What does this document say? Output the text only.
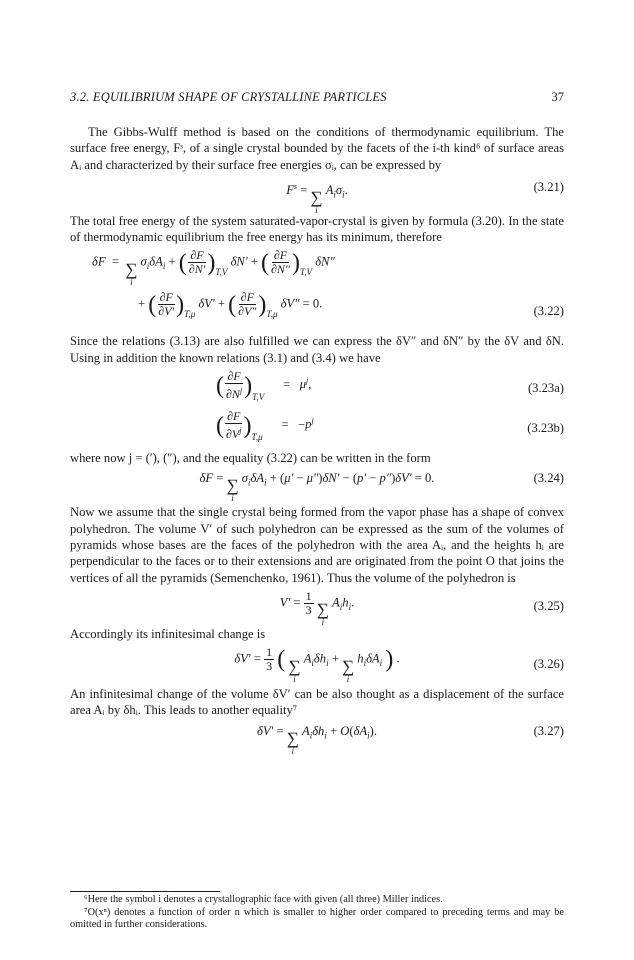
3.2. EQUILIBRIUM SHAPE OF CRYSTALLINE PARTICLES	37

The Gibbs-Wulff method is based on the conditions of thermodynamic equilibrium. The surface free energy, Fˢ, of a single crystal bounded by the facets of the i-th kind⁶ of surface areas Aᵢ and characterized by their surface free energies σᵢ, can be expressed by

$F^s$ = ∑
i
$A_i\sigma_i$.	(3.21)

The total free energy of the system saturated-vapor-crystal is given by formula (3.20). In the state of thermodynamic equilibrium the free energy has its minimum, therefore

δF  = ∑
i
$\sigma_i\delta A_i$ + ( $\frac{\partial F}{\partial N'}$ ) T,V
δN′ + ( $\frac{\partial F}{\partial N''}$ ) T,V
δN″
+ ( $\frac{\partial F}{\partial V'}$ ) T,μ
δV′ + ( $\frac{\partial F}{\partial V''}$ ) T,μ
δV″ = 0.
(3.22)

Since the relations (3.13) are also fulfilled we can express the δV″ and δN″ by the δV and δN. Using in addition the known relations (3.1) and (3.4) we have

( $\frac{\partial F}{\partial N^j}$ ) T,V
=   $\mu^j$,	(3.23a)
( $\frac{\partial F}{\partial V^j}$ ) T,μ
=   $-p^j$
(3.23b)

where now j = (′), (″), and the equality (3.22) can be written in the form

δF = ∑
i
$\sigma_i\delta A_i + (\mu' - \mu'')\delta N' - (p' - p'')\delta V' = 0$.	(3.24)

Now we assume that the single crystal being formed from the vapor phase has a shape of convex polyhedron. The volume V′ of such polyhedron can be expressed as the sum of the volumes of pyramids whose bases are the faces of the polyhedron with the area Aᵢ, and the heights hᵢ are perpendicular to the faces or to their extensions and are originated from the point O that joins the vertices of all the pyramids (Semenchenko, 1961). Thus the volume of the polyhedron is

$V' = \frac{1}{3}$
∑
i
$A_ih_i$.	(3.25)

Accordingly its infinitesimal change is

$\delta V' = \frac{1}{3}$ ( ∑
i
$A_i\delta h_i$ + ∑
i
$h_i\delta A_i$ ) .	(3.26)

An infinitesimal change of the volume δV′ can be also thought as a displacement of the surface area Aᵢ by δhᵢ. This leads to another equality⁷

δV′ = ∑
i
$A_i\delta h_i + O(\delta A_i)$.	(3.27)

⁶Here the symbol i denotes a crystallographic face with given (all three) Miller indices.

⁷O(xⁿ) denotes a function of order n which is smaller to higher order compared to preceding terms and may be omitted in further considerations.
